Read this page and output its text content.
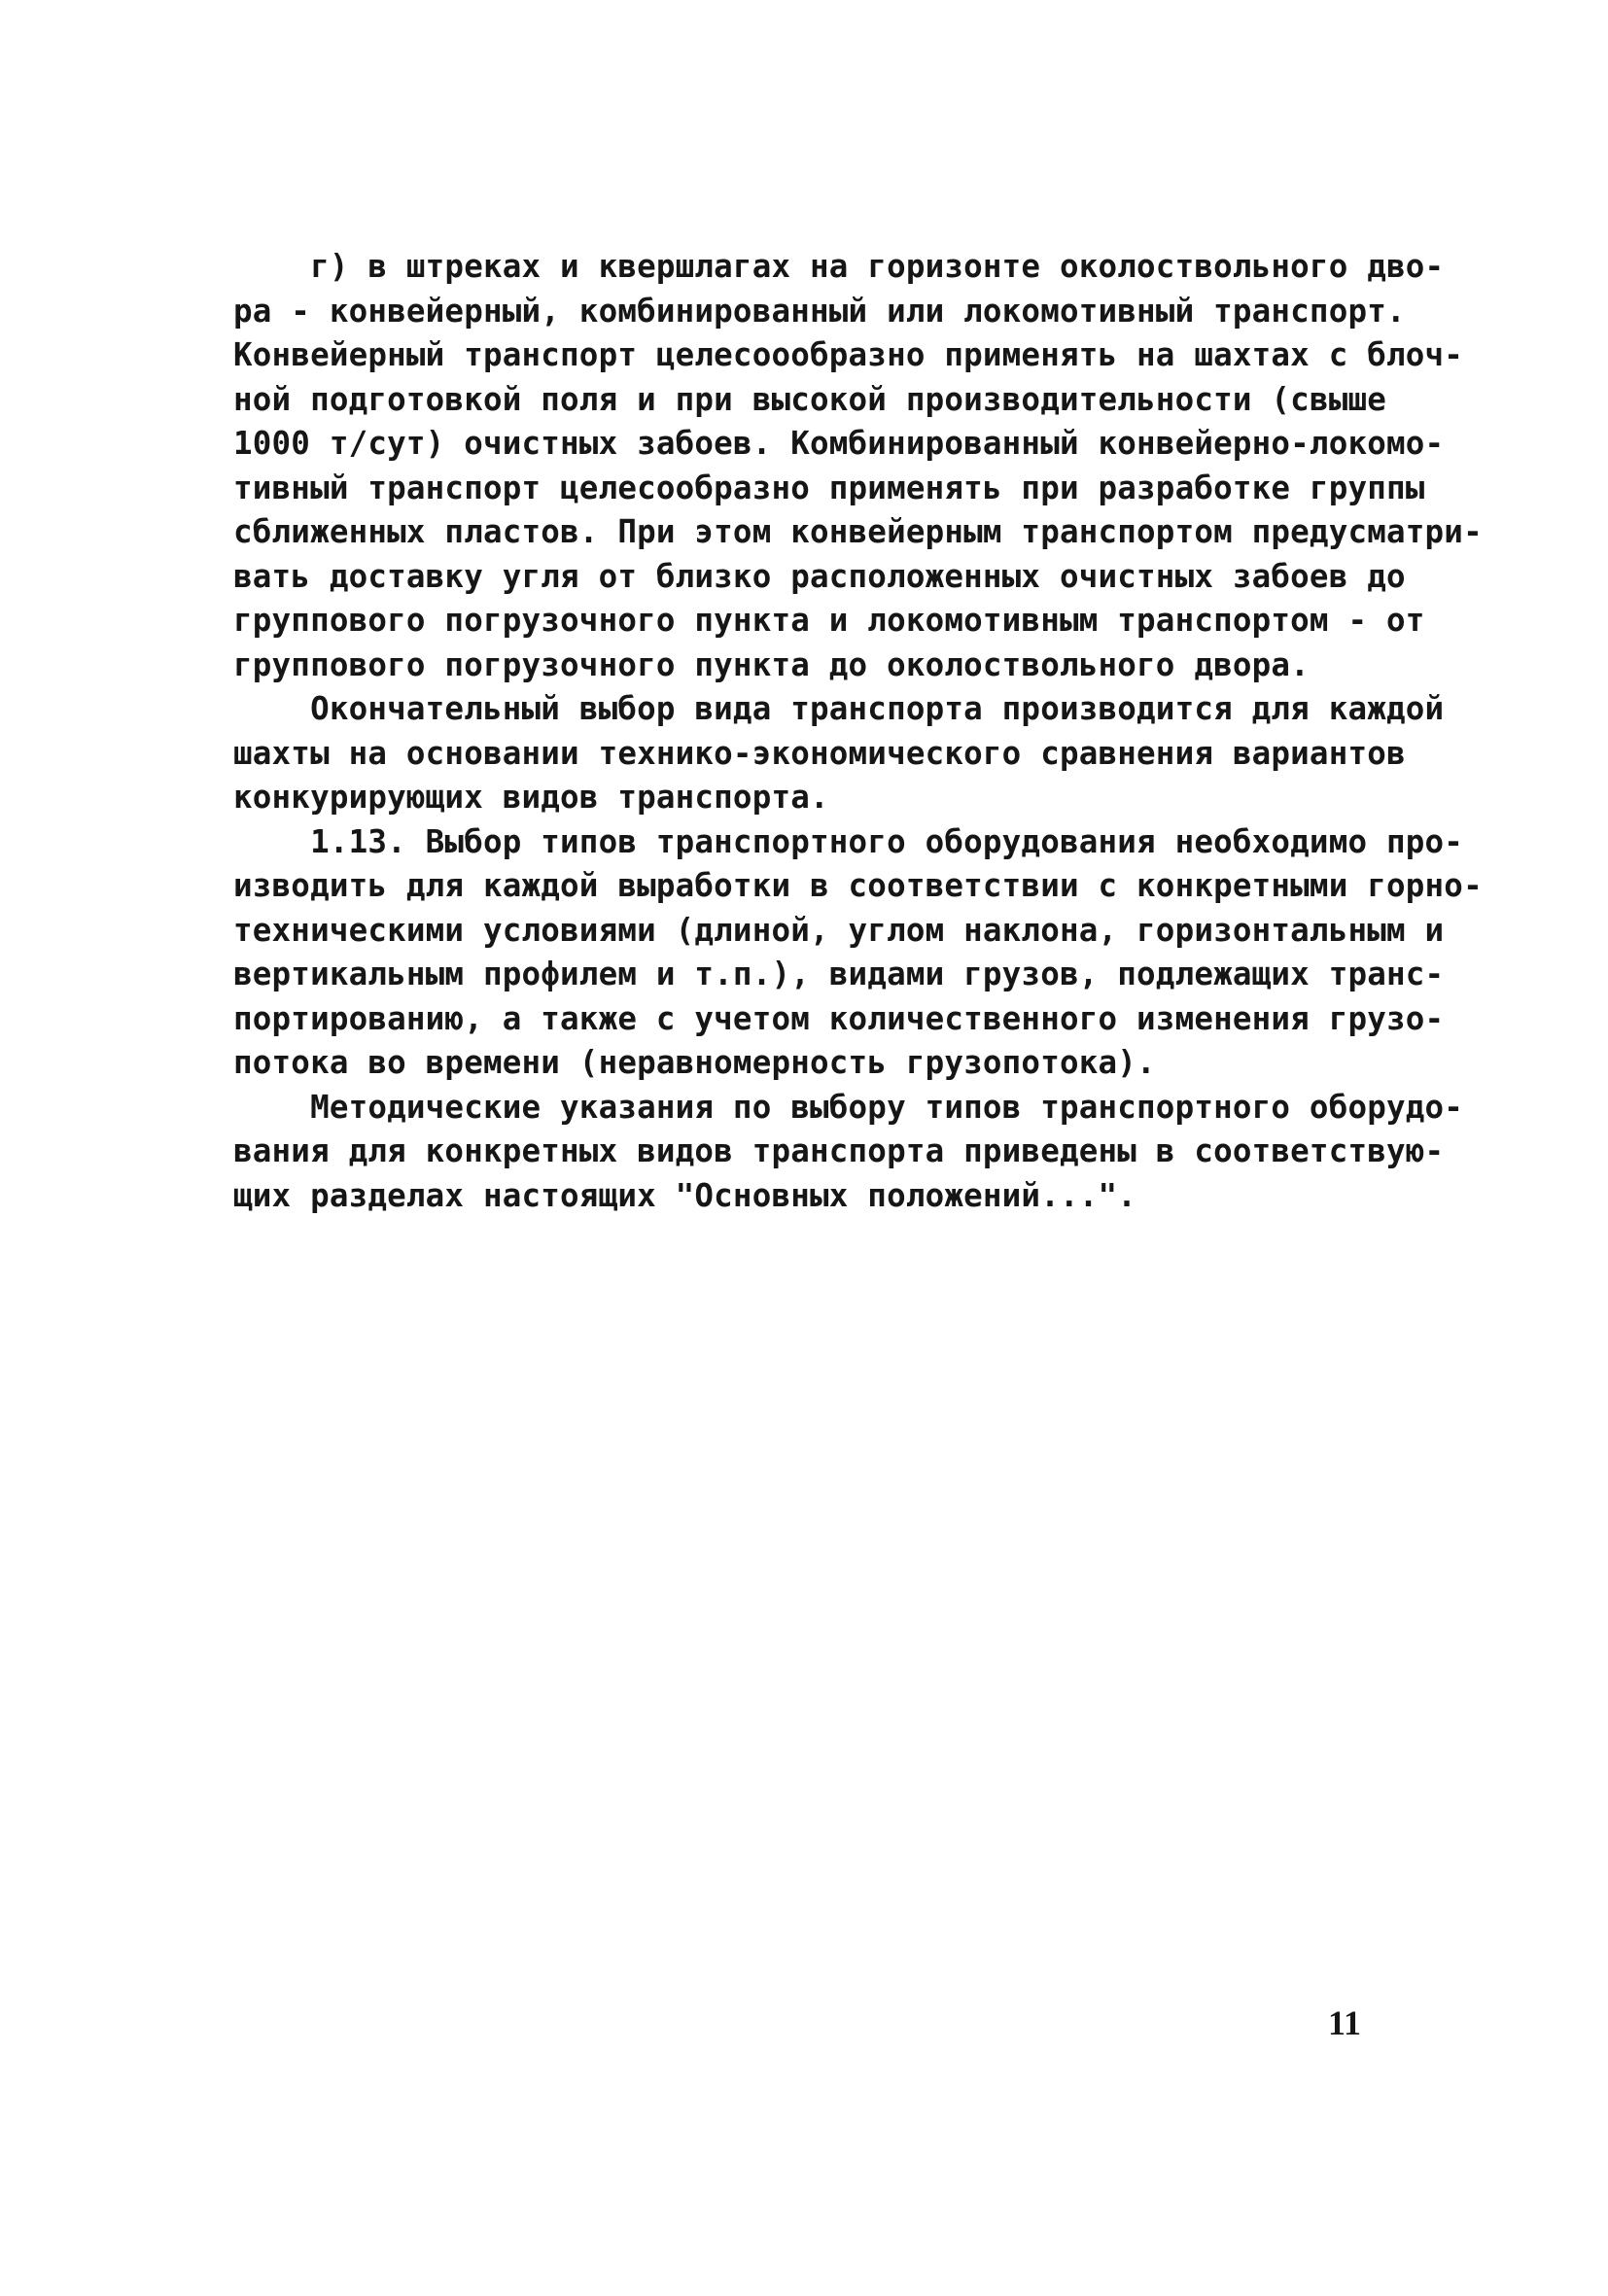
г) в штреках и квершлагах на горизонте околоствольного дво-
ра - конвейерный, комбинированный или локомотивный транспорт.
Конвейерный транспорт целесоообразно применять на шахтах с блоч-
ной подготовкой поля и при высокой производительности (свыше
1000 т/сут) очистных забоев. Комбинированный конвейерно-локомо-
тивный транспорт целесообразно применять при разработке группы
сближенных пластов. При этом конвейерным транспортом предусматри-
вать доставку угля от близко расположенных очистных забоев до
группового погрузочного пункта и локомотивным транспортом - от
группового погрузочного пункта до околоствольного двора.
Окончательный выбор вида транспорта производится для каждой
шахты на основании технико-экономического сравнения вариантов
конкурирующих видов транспорта.
1.13. Выбор типов транспортного оборудования необходимо про-
изводить для каждой выработки в соответствии с конкретными горно-
техническими условиями (длиной, углом наклона, горизонтальным и
вертикальным профилем и т.п.), видами грузов, подлежащих транс-
портированию, а также с учетом количественного изменения грузо-
потока во времени (неравномерность грузопотока).
Методические указания по выбору типов транспортного оборудо-
вания для конкретных видов транспорта приведены в соответствую-
щих разделах настоящих "Основных положений...".
11
